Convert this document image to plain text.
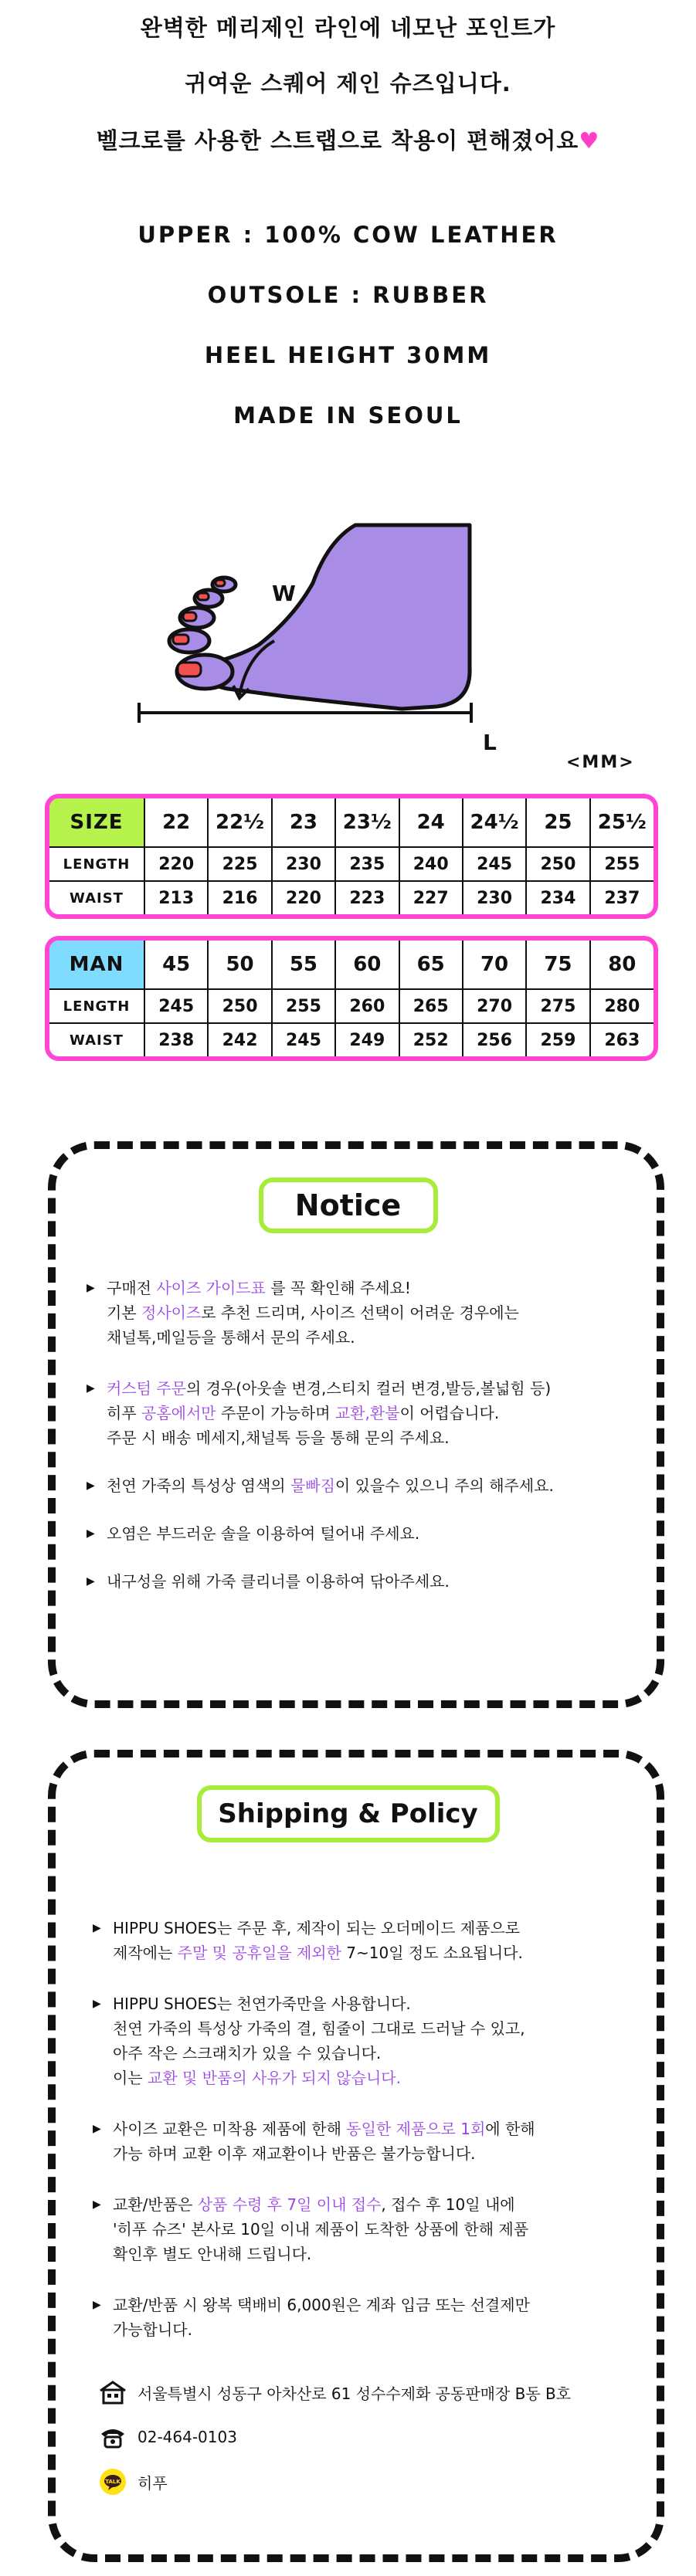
완벽한 메리제인 라인에 네모난 포인트가
귀여운 스퀘어 제인 슈즈입니다.
벨크로를 사용한 스트랩으로 착용이 편해졌어요♥
UPPER : 100% COW LEATHER
OUTSOLE : RUBBER
HEEL HEIGHT 30MM
MADE IN SEOUL
W
L
<MM>
SIZE	22	22½	23	23½	24	24½	25	25½
LENGTH	220	225	230	235	240	245	250	255
WAIST	213	216	220	223	227	230	234	237
MAN	45	50	55	60	65	70	75	80
LENGTH	245	250	255	260	265	270	275	280
WAIST	238	242	245	249	252	256	259	263
Notice
▶ 구매전 사이즈 가이드표 를 꼭 확인해 주세요!
기본 정사이즈로 추천 드리며, 사이즈 선택이 어려운 경우에는
채널톡,메일등을 통해서 문의 주세요.
▶ 커스텀 주문의 경우(아웃솔 변경,스티치 컬러 변경,발등,볼넓힘 등)
히푸 공홈에서만 주문이 가능하며 교환,환불이 어렵습니다.
주문 시 배송 메세지,채널톡 등을 통해 문의 주세요.
▶ 천연 가죽의 특성상 염색의 물빠짐이 있을수 있으니 주의 해주세요.
▶ 오염은 부드러운 솔을 이용하여 털어내 주세요.
▶ 내구성을 위해 가죽 클리너를 이용하여 닦아주세요.
Shipping & Policy
▶ HIPPU SHOES는 주문 후, 제작이 되는 오더메이드 제품으로
제작에는 주말 및 공휴일을 제외한 7~10일 정도 소요됩니다.
▶ HIPPU SHOES는 천연가죽만을 사용합니다.
천연 가죽의 특성상 가죽의 결, 힘줄이 그대로 드러날 수 있고,
아주 작은 스크래치가 있을 수 있습니다.
이는 교환 및 반품의 사유가 되지 않습니다.
▶ 사이즈 교환은 미착용 제품에 한해 동일한 제품으로 1회에 한해
가능 하며 교환 이후 재교환이나 반품은 불가능합니다.
▶ 교환/반품은 상품 수령 후 7일 이내 접수, 접수 후 10일 내에
'히푸 슈즈' 본사로 10일 이내 제품이 도착한 상품에 한해 제품
확인후 별도 안내해 드립니다.
▶ 교환/반품 시 왕복 택배비 6,000원은 계좌 입금 또는 선결제만
가능합니다.
서울특별시 성동구 아차산로 61 성수수제화 공동판매장 B동 B호
02-464-0103
TALK 히푸
